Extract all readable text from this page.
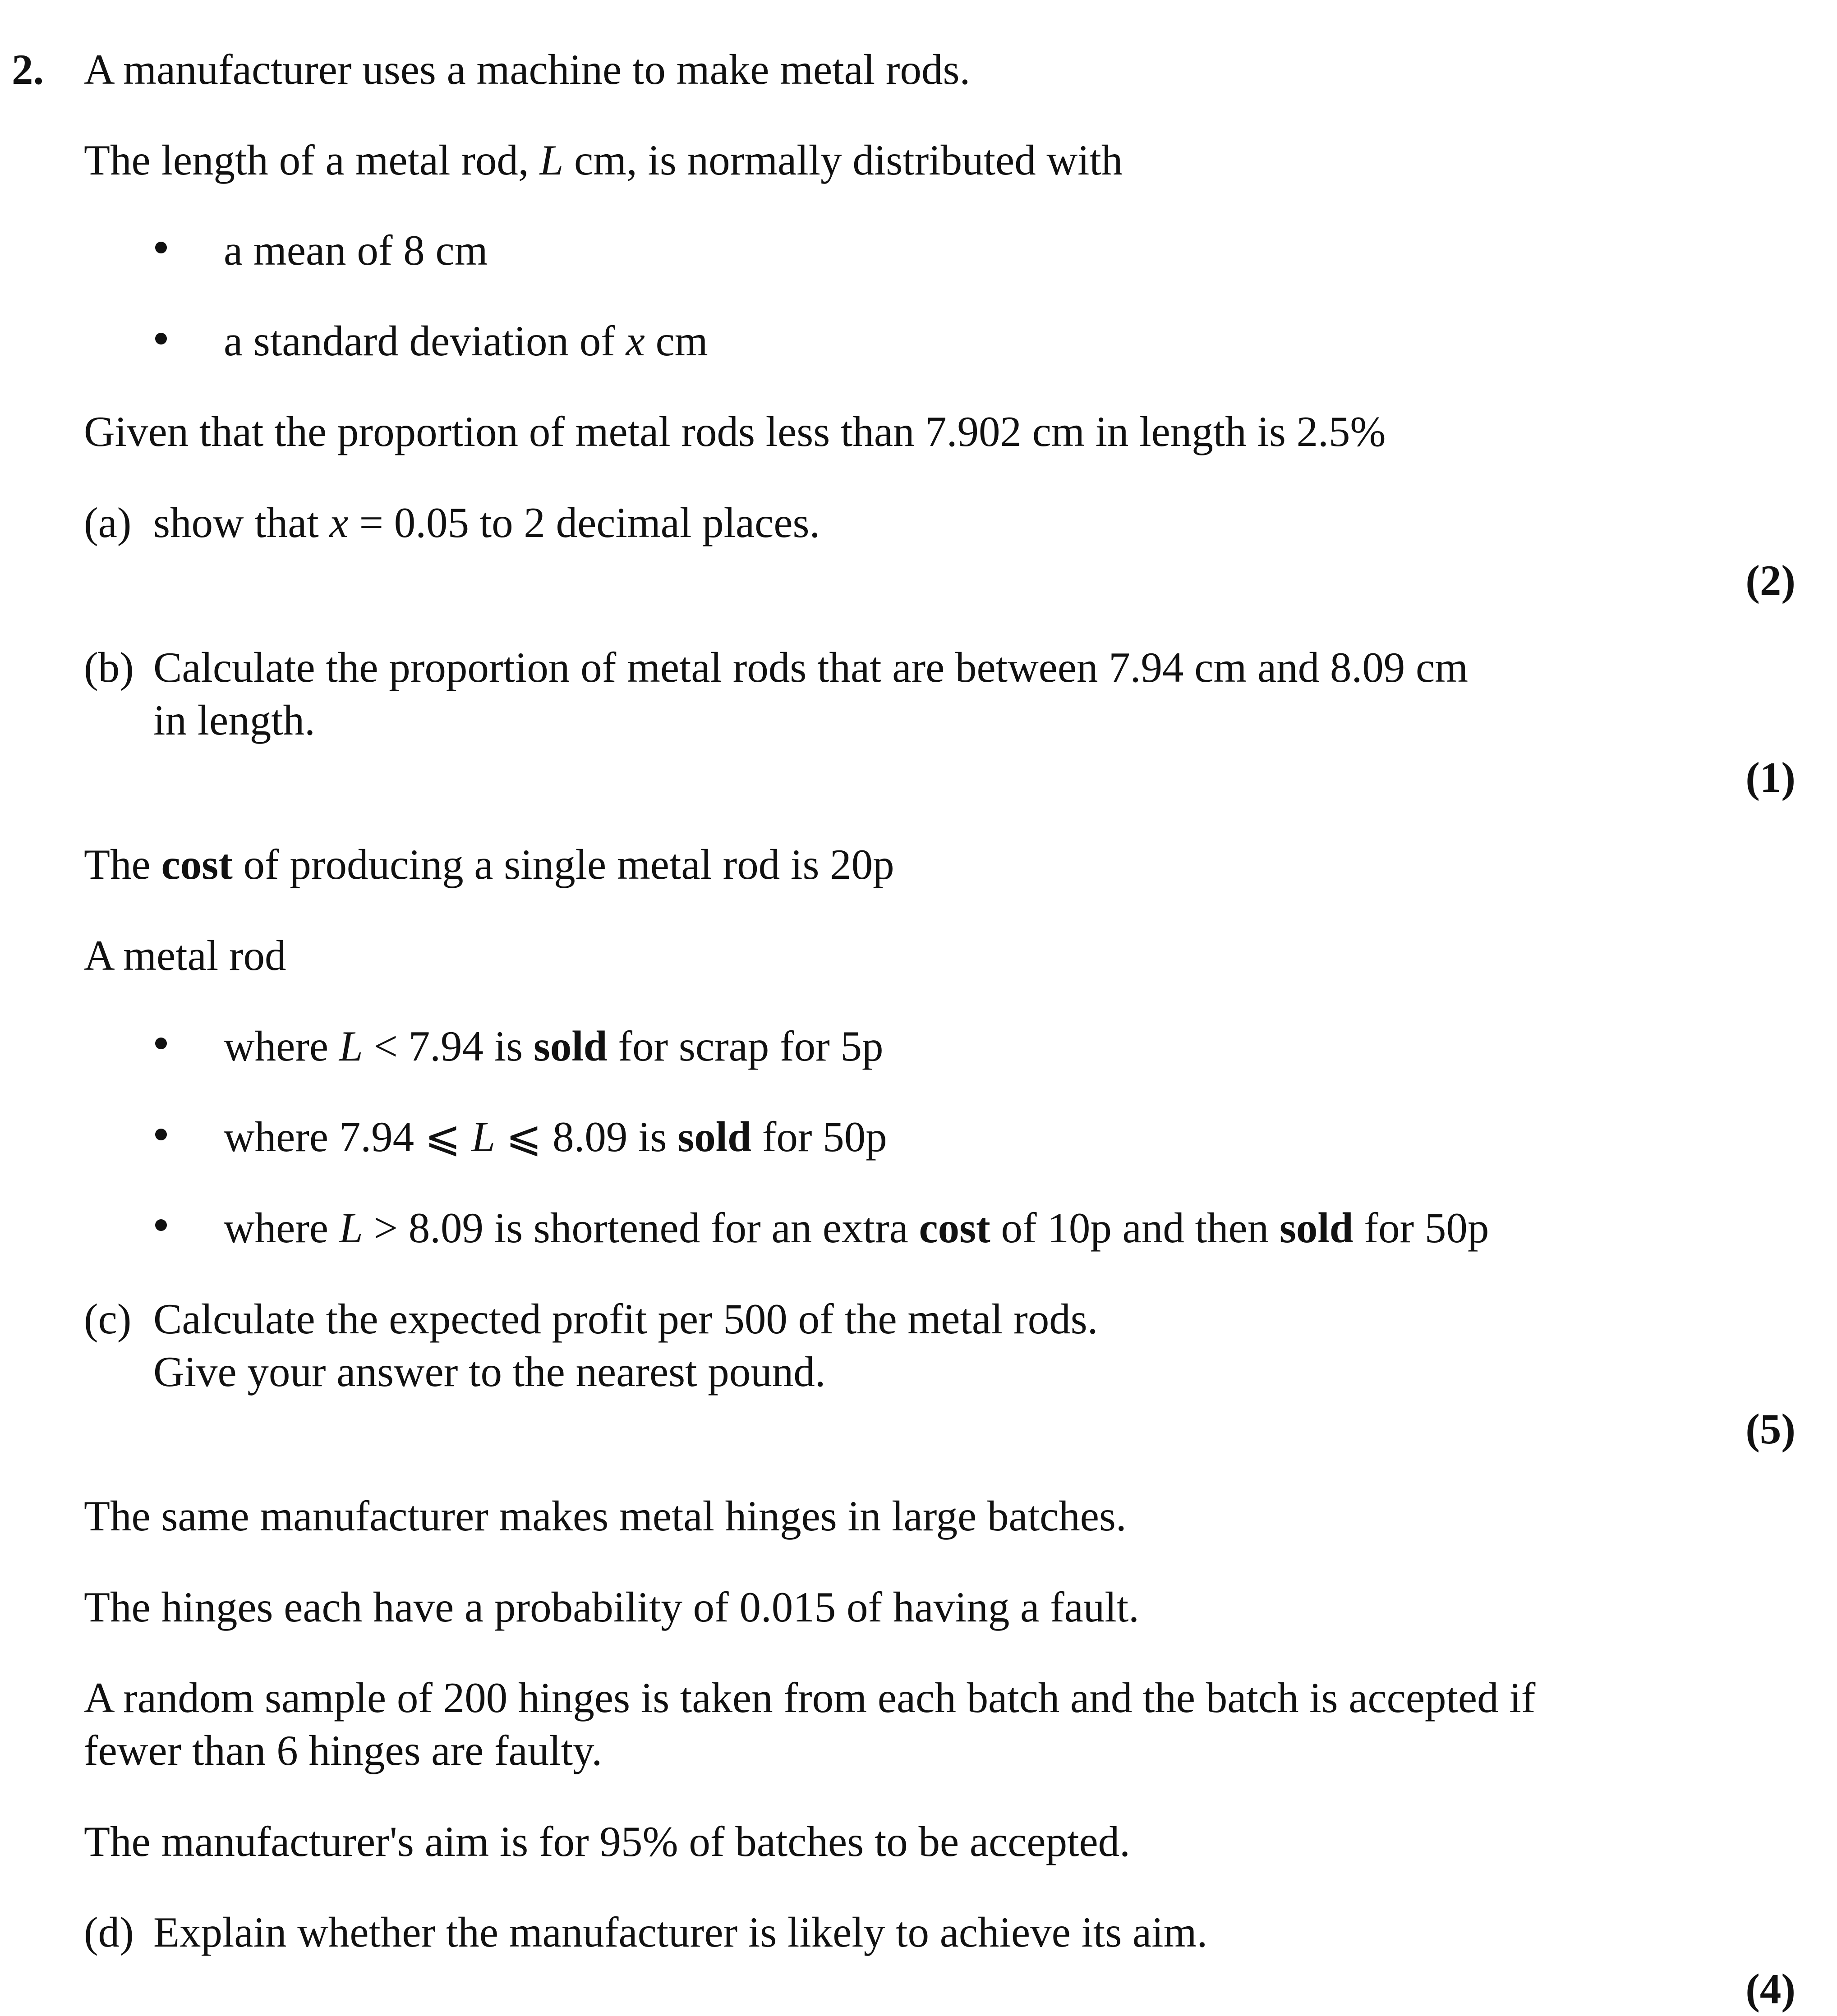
2. A manufacturer uses a machine to make metal rods.
The length of a metal rod, L cm, is normally distributed with
a mean of 8 cm
a standard deviation of x cm
Given that the proportion of metal rods less than 7.902 cm in length is 2.5%
(a) show that x = 0.05 to 2 decimal places.
(2)
(b) Calculate the proportion of metal rods that are between 7.94 cm and 8.09 cm
in length.
(1)
The cost of producing a single metal rod is 20p
A metal rod
where L < 7.94 is sold for scrap for 5p
where 7.94 ⩽ L ⩽ 8.09 is sold for 50p
where L > 8.09 is shortened for an extra cost of 10p and then sold for 50p
(c) Calculate the expected profit per 500 of the metal rods.
Give your answer to the nearest pound.
(5)
The same manufacturer makes metal hinges in large batches.
The hinges each have a probability of 0.015 of having a fault.
A random sample of 200 hinges is taken from each batch and the batch is accepted if
fewer than 6 hinges are faulty.
The manufacturer's aim is for 95% of batches to be accepted.
(d) Explain whether the manufacturer is likely to achieve its aim.
(4)
